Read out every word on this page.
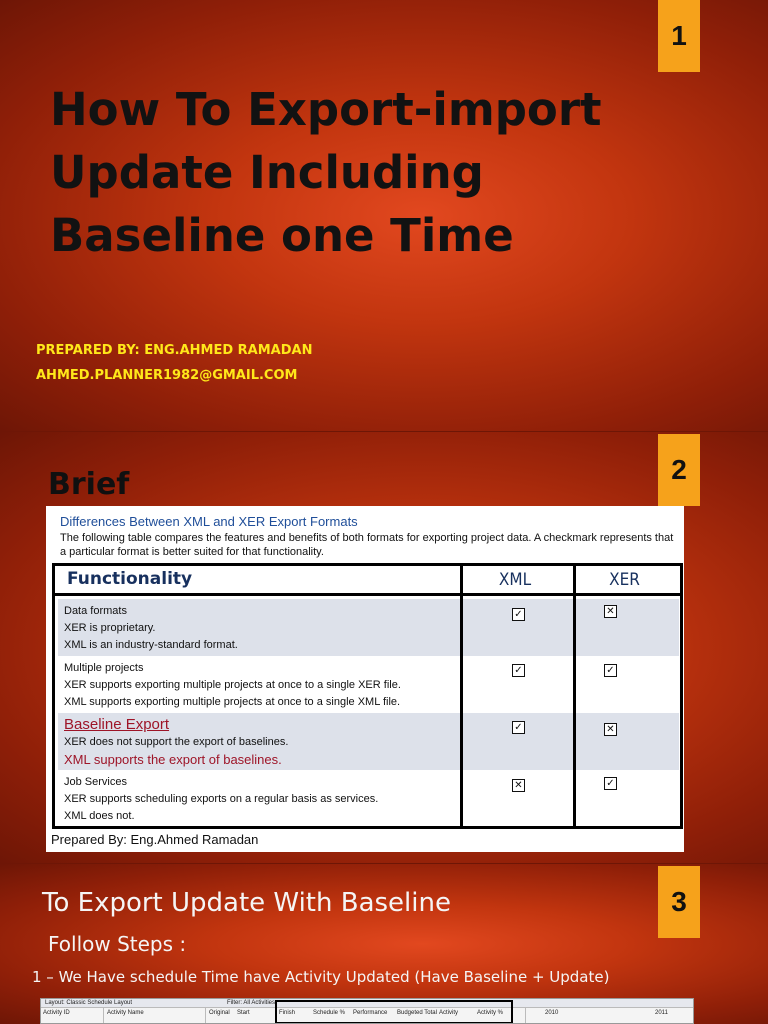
1
How To Export-import
Update Including
Baseline one Time
PREPARED BY: ENG.AHMED RAMADAN
AHMED.PLANNER1982@GMAIL.COM
2
Brief
Differences Between XML and XER Export Formats
The following table compares the features and benefits of both formats for exporting project data. A checkmark represents that a particular format is better suited for that functionality.
Functionality	XML	XER
Data formats
XER is proprietary.
XML is an industry-standard format.
✓	✕
Multiple projects
XER supports exporting multiple projects at once to a single XER file.
XML supports exporting multiple projects at once to a single XML file.
✓	✓
Baseline Export
XER does not support the export of baselines.
XML supports the export of baselines.
✓	✕
Job Services
XER supports scheduling exports on a regular basis as services.
XML does not.
✕	✓
Prepared By: Eng.Ahmed Ramadan
3
To Export Update With Baseline
Follow Steps :
1 – We Have schedule Time have Activity Updated (Have Baseline + Update)
Layout: Classic Schedule Layout	Filter: All Activities
Activity ID	Activity Name	Original Start	Finish	Schedule % Performance Budgeted Total Activity	Activity %	2010	2011
